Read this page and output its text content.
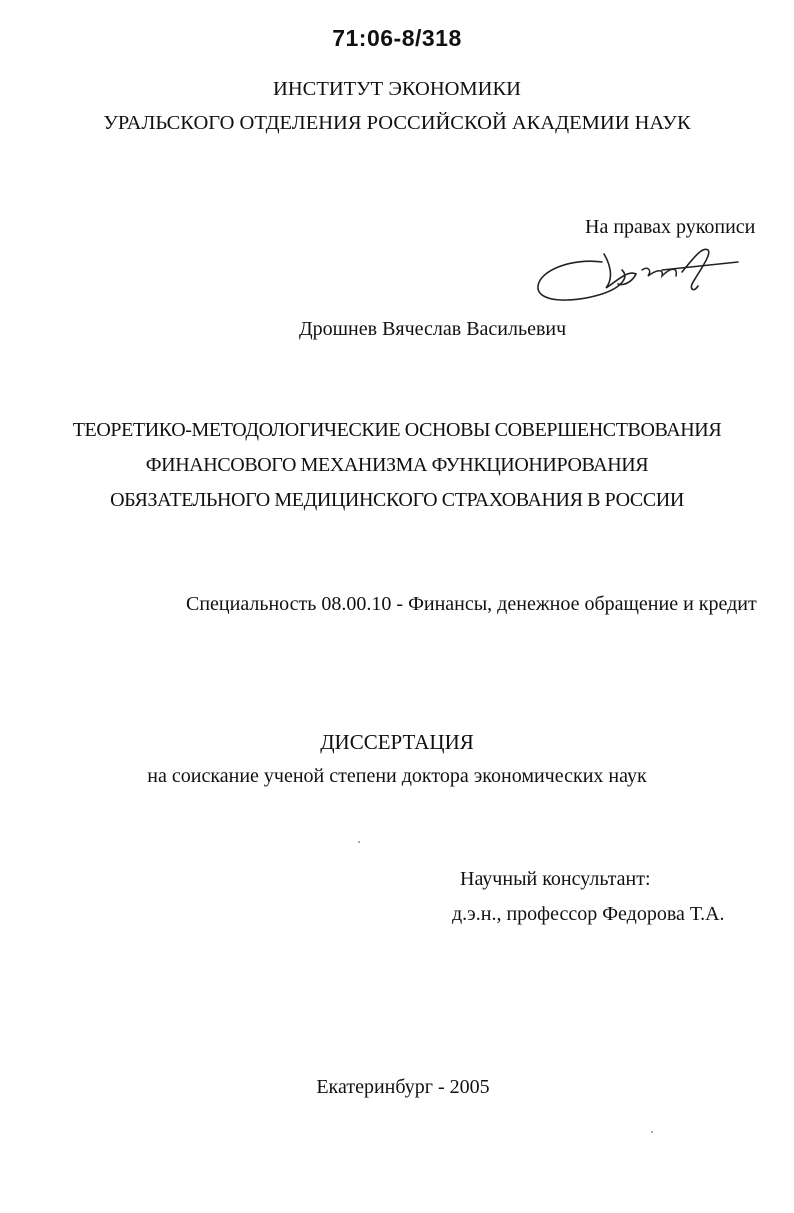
71:06-8/318
ИНСТИТУТ ЭКОНОМИКИ
УРАЛЬСКОГО ОТДЕЛЕНИЯ РОССИЙСКОЙ АКАДЕМИИ НАУК
На правах рукописи
Дрошнев Вячеслав Васильевич
ТЕОРЕТИКО-МЕТОДОЛОГИЧЕСКИЕ ОСНОВЫ СОВЕРШЕНСТВОВАНИЯ
ФИНАНСОВОГО МЕХАНИЗМА ФУНКЦИОНИРОВАНИЯ
ОБЯЗАТЕЛЬНОГО МЕДИЦИНСКОГО СТРАХОВАНИЯ В РОССИИ
Специальность 08.00.10 - Финансы, денежное обращение и кредит
ДИССЕРТАЦИЯ
на соискание ученой степени доктора экономических наук
Научный консультант:
д.э.н., профессор Федорова Т.А.
Екатеринбург - 2005
